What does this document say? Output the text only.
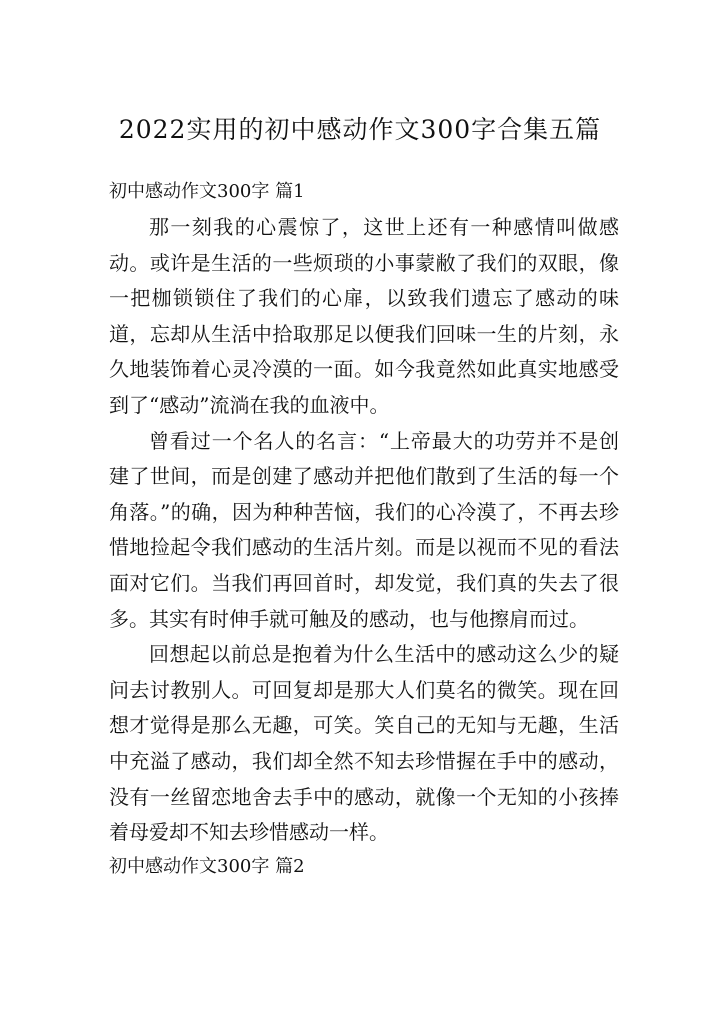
2022实用的初中感动作文300字合集五篇
初中感动作文300字 篇1

那一刻我的心震惊了，这世上还有一种感情叫做感动。或许是生活的一些烦琐的小事蒙敝了我们的双眼，像一把枷锁锁住了我们的心扉，以致我们遗忘了感动的味道，忘却从生活中拾取那足以便我们回味一生的片刻，永久地装饰着心灵冷漠的一面。如今我竟然如此真实地感受到了“感动”流淌在我的血液中。

曾看过一个名人的名言：“上帝最大的功劳并不是创建了世间，而是创建了感动并把他们散到了生活的每一个角落。”的确，因为种种苦恼，我们的心冷漠了，不再去珍惜地捡起令我们感动的生活片刻。而是以视而不见的看法面对它们。当我们再回首时，却发觉，我们真的失去了很多。其实有时伸手就可触及的感动，也与他擦肩而过。

回想起以前总是抱着为什么生活中的感动这么少的疑问去讨教别人。可回复却是那大人们莫名的微笑。现在回想才觉得是那么无趣，可笑。笑自己的无知与无趣，生活中充溢了感动，我们却全然不知去珍惜握在手中的感动，没有一丝留恋地舍去手中的感动，就像一个无知的小孩捧着母爱却不知去珍惜感动一样。

初中感动作文300字 篇2
